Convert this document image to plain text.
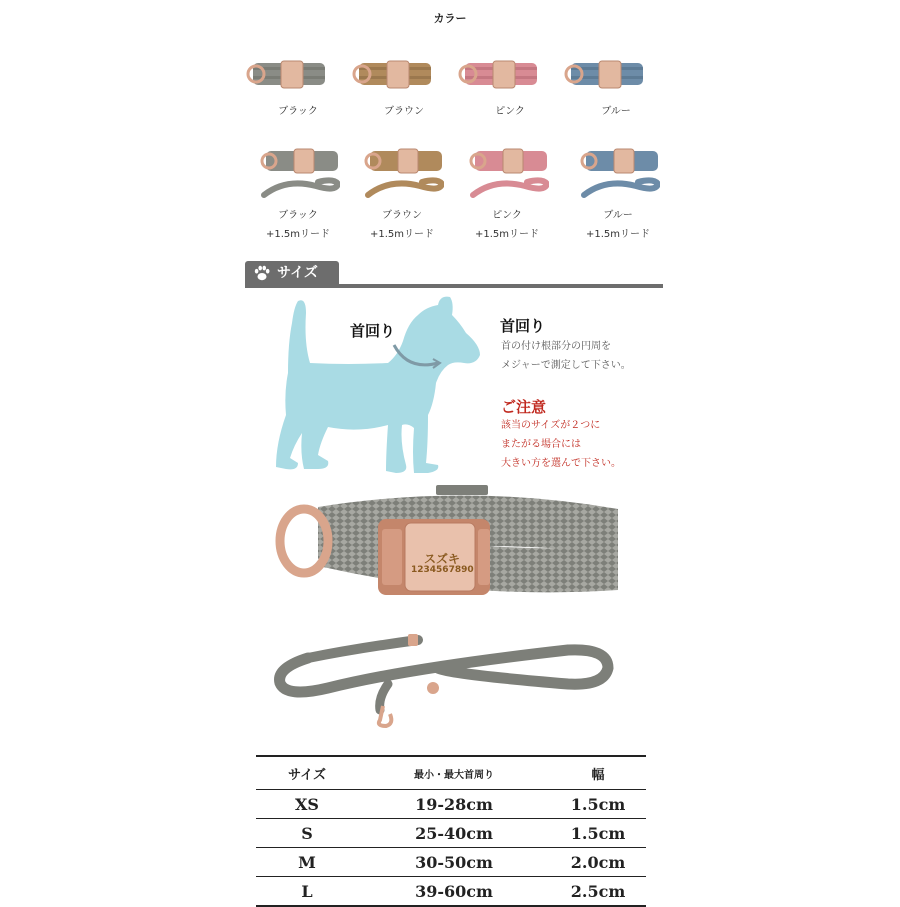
カラー
ブラック	ブラウン	ピンク	ブルー
ブラック
+1.5mリード
ブラウン
+1.5mリード
ピンク
+1.5mリード
ブルー
+1.5mリード
サイズ
首回り	首回り
首の付け根部分の円周を
メジャーで測定して下さい。
ご注意
該当のサイズが２つに
またがる場合には
大きい方を選んで下さい。
スズキ
1234567890
サイズ	最小・最大首周り	幅
XS	19-28cm	1.5cm
S	25-40cm	1.5cm
M	30-50cm	2.0cm
L	39-60cm	2.5cm
